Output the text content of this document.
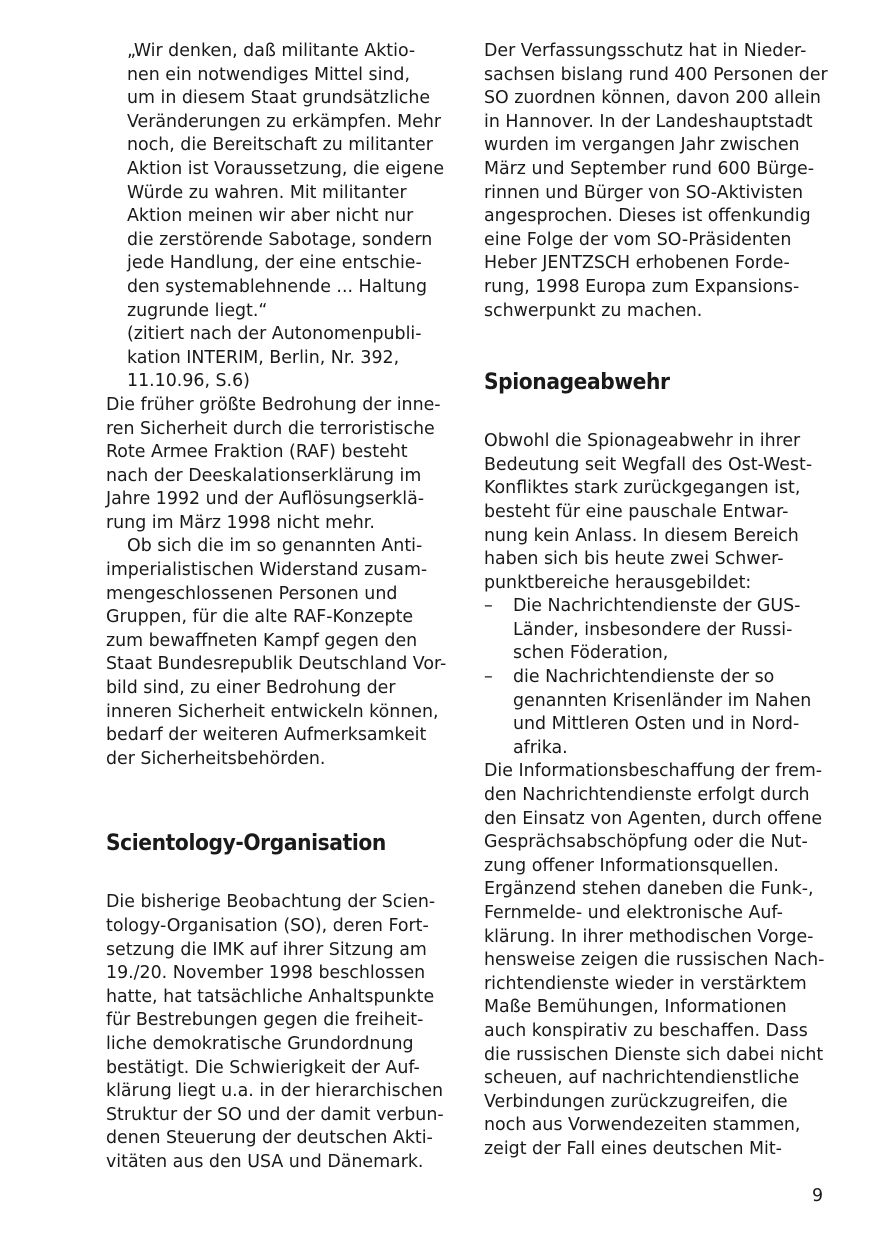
„Wir denken, daß militante Aktio-
nen ein notwendiges Mittel sind,
um in diesem Staat grundsätzliche
Veränderungen zu erkämpfen. Mehr
noch, die Bereitschaft zu militanter
Aktion ist Voraussetzung, die eigene
Würde zu wahren. Mit militanter
Aktion meinen wir aber nicht nur
die zerstörende Sabotage, sondern
jede Handlung, der eine entschie-
den systemablehnende ... Haltung
zugrunde liegt.“
(zitiert nach der Autonomenpubli-
kation INTERIM, Berlin, Nr. 392,
11.10.96, S.6)
Die früher größte Bedrohung der inne-
ren Sicherheit durch die terroristische
Rote Armee Fraktion (RAF) besteht
nach der Deeskalationserklärung im
Jahre 1992 und der Auflösungserklä-
rung im März 1998 nicht mehr.
Ob sich die im so genannten Anti-
imperialistischen Widerstand zusam-
mengeschlossenen Personen und
Gruppen, für die alte RAF-Konzepte
zum bewaffneten Kampf gegen den
Staat Bundesrepublik Deutschland Vor-
bild sind, zu einer Bedrohung der
inneren Sicherheit entwickeln können,
bedarf der weiteren Aufmerksamkeit
der Sicherheitsbehörden.
Scientology-Organisation
Die bisherige Beobachtung der Scien-
tology-Organisation (SO), deren Fort-
setzung die IMK auf ihrer Sitzung am
19./20. November 1998 beschlossen
hatte, hat tatsächliche Anhaltspunkte
für Bestrebungen gegen die freiheit-
liche demokratische Grundordnung
bestätigt. Die Schwierigkeit der Auf-
klärung liegt u.a. in der hierarchischen
Struktur der SO und der damit verbun-
denen Steuerung der deutschen Akti-
vitäten aus den USA und Dänemark.
Der Verfassungsschutz hat in Nieder-
sachsen bislang rund 400 Personen der
SO zuordnen können, davon 200 allein
in Hannover. In der Landeshauptstadt
wurden im vergangen Jahr zwischen
März und September rund 600 Bürge-
rinnen und Bürger von SO-Aktivisten
angesprochen. Dieses ist offenkundig
eine Folge der vom SO-Präsidenten
Heber JENTZSCH erhobenen Forde-
rung, 1998 Europa zum Expansions-
schwerpunkt zu machen.
Spionageabwehr
Obwohl die Spionageabwehr in ihrer
Bedeutung seit Wegfall des Ost-West-
Konfliktes stark zurückgegangen ist,
besteht für eine pauschale Entwar-
nung kein Anlass. In diesem Bereich
haben sich bis heute zwei Schwer-
punktbereiche herausgebildet:
–	Die Nachrichtendienste der GUS-
Länder, insbesondere der Russi-
schen Föderation,
–	die Nachrichtendienste der so
genannten Krisenländer im Nahen
und Mittleren Osten und in Nord-
afrika.
Die Informationsbeschaffung der frem-
den Nachrichtendienste erfolgt durch
den Einsatz von Agenten, durch offene
Gesprächsabschöpfung oder die Nut-
zung offener Informationsquellen.
Ergänzend stehen daneben die Funk-,
Fernmelde- und elektronische Auf-
klärung. In ihrer methodischen Vorge-
hensweise zeigen die russischen Nach-
richtendienste wieder in verstärktem
Maße Bemühungen, Informationen
auch konspirativ zu beschaffen. Dass
die russischen Dienste sich dabei nicht
scheuen, auf nachrichtendienstliche
Verbindungen zurückzugreifen, die
noch aus Vorwendezeiten stammen,
zeigt der Fall eines deutschen Mit-
9
